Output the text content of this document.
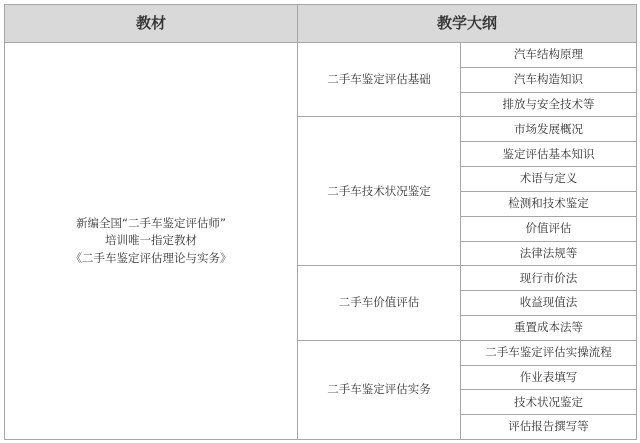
教材	教学大纲	

新编全国“二手车鉴定评估师”
培训唯一指定教材
《二手车鉴定评估理论与实务》	二手车鉴定评估基础	汽车结构原理
		汽车构造知识
		排放与安全技术等
	二手车技术状况鉴定	市场发展概况
		鉴定评估基本知识
		术语与定义
		检测和技术鉴定
		价值评估
		法律法规等
	二手车价值评估	现行市价法
		收益现值法
		重置成本法等
	二手车鉴定评估实务	二手车鉴定评估实操流程
		作业表填写
		技术状况鉴定
		评估报告撰写等
